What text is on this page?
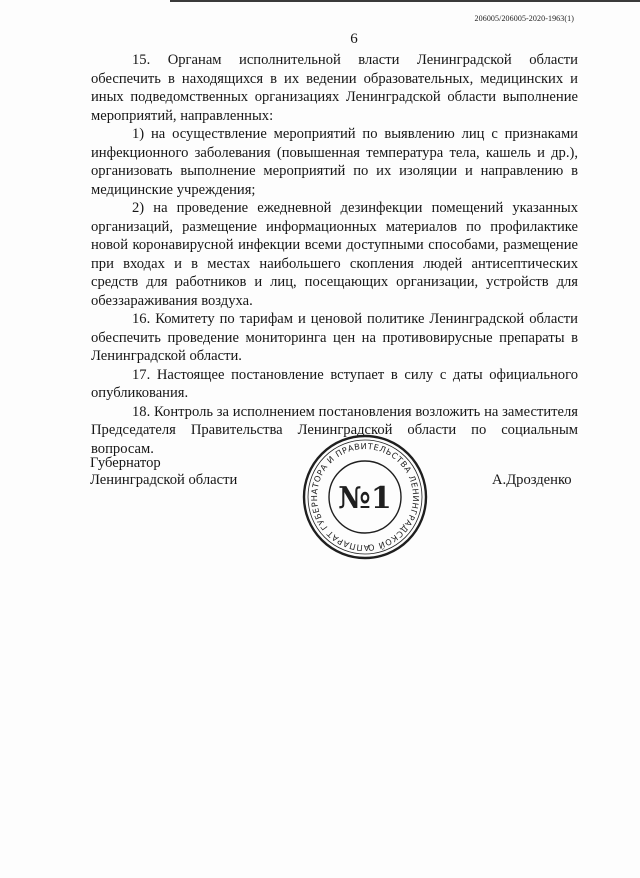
206005/206005-2020-1963(1)
6

15. Органам исполнительной власти Ленинградской области обеспечить в находящихся в их ведении образовательных, медицинских и иных подведомственных организациях Ленинградской области выполнение мероприятий, направленных:

1) на осуществление мероприятий по выявлению лиц с признаками инфекционного заболевания (повышенная температура тела, кашель и др.), организовать выполнение мероприятий по их изоляции и направлению в медицинские учреждения;

2) на проведение ежедневной дезинфекции помещений указанных организаций, размещение информационных материалов по профилактике новой коронавирусной инфекции всеми доступными способами, размещение при входах и в местах наибольшего скопления людей антисептических средств для работников и лиц, посещающих организации, устройств для обеззараживания воздуха.

16. Комитету по тарифам и ценовой политике Ленинградской области обеспечить проведение мониторинга цен на противовирусные препараты в Ленинградской области.

17. Настоящее постановление вступает в силу с даты официального опубликования.

18. Контроль за исполнением постановления возложить на заместителя Председателя Правительства Ленинградской области по социальным вопросам.

Губернатор
Ленинградской области	А.Дрозденко
АППАРАТ ГУБЕРНАТОРА И ПРАВИТЕЛЬСТВА ЛЕНИНГРАДСКОЙ ОБЛАСТИ
№1
